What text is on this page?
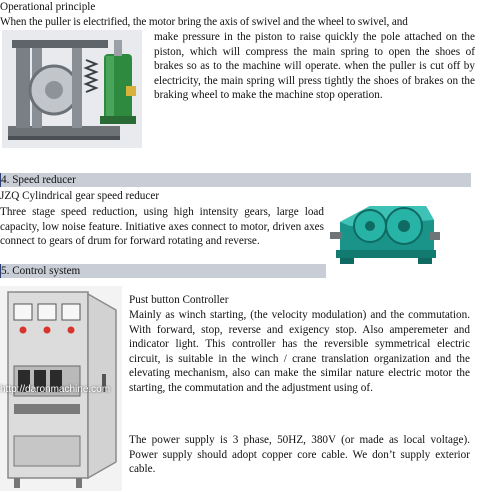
Operational principle
When the puller is electrified, the motor bring the axis of swivel and the wheel to swivel, and
make pressure in the piston to raise quickly the pole attached on the piston, which will compress the main spring to open the shoes of brakes so as to the machine will operate. when the puller is cut off by electricity, the main spring will press tightly the shoes of brakes on the braking wheel to make the machine stop operation.
4. Speed reducer
JZQ Cylindrical gear speed reducer
Three stage speed reduction, using high intensity gears, large load capacity, low noise feature. Initiative axes connect to motor, driven axes connect to gears of drum for forward rotating and reverse.
5. Control system
http://daronmachine.com
Pust button Controller
Mainly as winch starting, (the velocity modulation) and the commutation. With forward, stop, reverse and exigency stop. Also amperemeter and indicator light. This controller has the reversible symmetrical electric circuit, is suitable in the winch / crane translation organization and the elevating mechanism, also can make the similar nature electric motor the starting, the commutation and the adjustment using of.
The power supply is 3 phase, 50HZ, 380V (or made as local voltage). Power supply should adopt copper core cable. We don’t supply exterior cable.
